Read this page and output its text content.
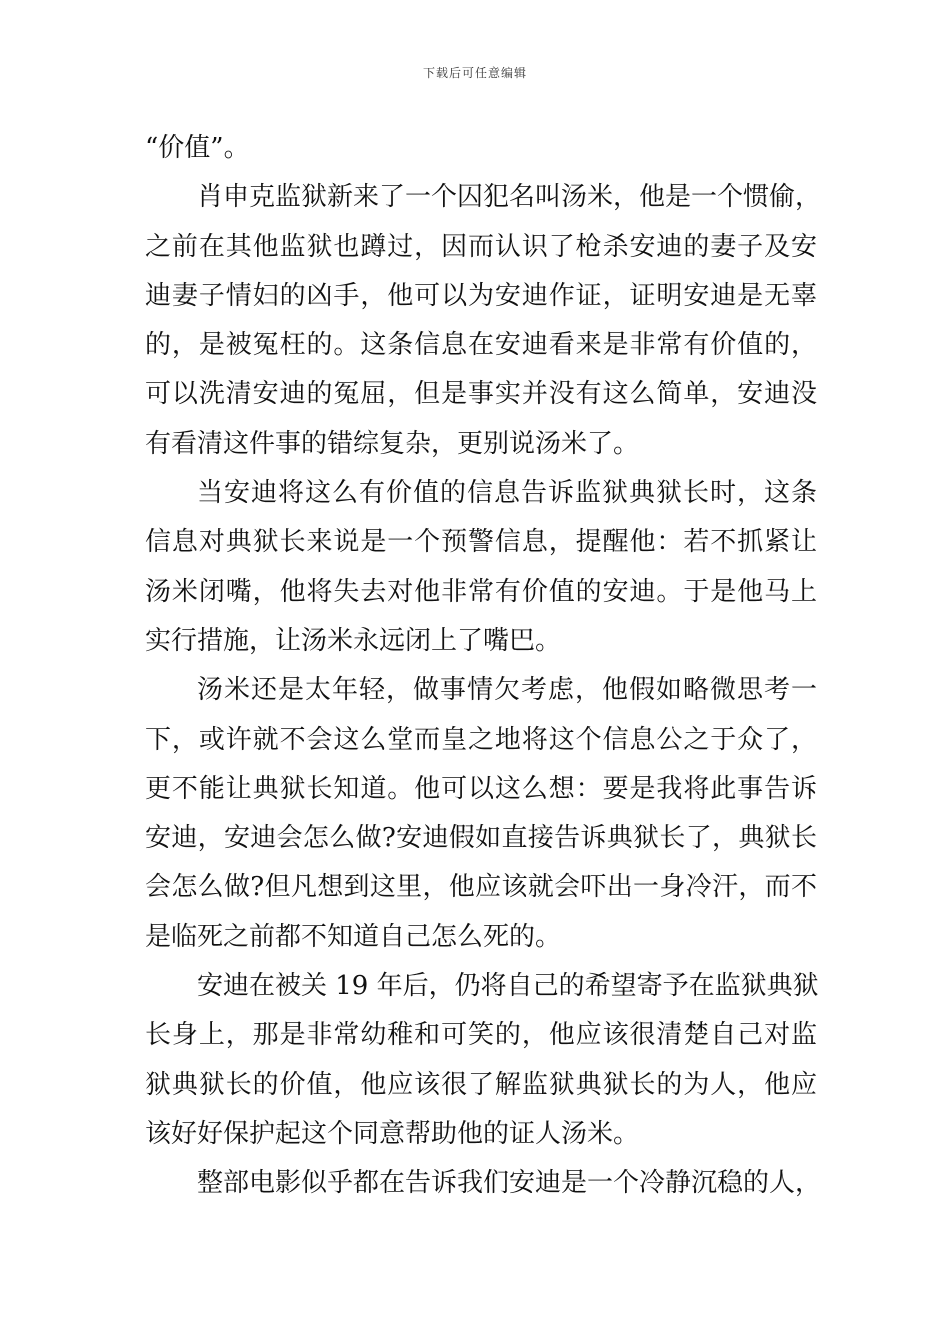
下载后可任意编辑
“价值”。
肖申克监狱新来了一个囚犯名叫汤米，他是一个惯偷，
之前在其他监狱也蹲过，因而认识了枪杀安迪的妻子及安
迪妻子情妇的凶手，他可以为安迪作证，证明安迪是无辜
的，是被冤枉的。这条信息在安迪看来是非常有价值的，
可以洗清安迪的冤屈，但是事实并没有这么简单，安迪没
有看清这件事的错综复杂，更别说汤米了。
当安迪将这么有价值的信息告诉监狱典狱长时，这条
信息对典狱长来说是一个预警信息，提醒他：若不抓紧让
汤米闭嘴，他将失去对他非常有价值的安迪。于是他马上
实行措施，让汤米永远闭上了嘴巴。
汤米还是太年轻，做事情欠考虑，他假如略微思考一
下，或许就不会这么堂而皇之地将这个信息公之于众了，
更不能让典狱长知道。他可以这么想：要是我将此事告诉
安迪，安迪会怎么做?安迪假如直接告诉典狱长了，典狱长
会怎么做?但凡想到这里，他应该就会吓出一身冷汗，而不
是临死之前都不知道自己怎么死的。
安迪在被关 19 年后，仍将自己的希望寄予在监狱典狱
长身上，那是非常幼稚和可笑的，他应该很清楚自己对监
狱典狱长的价值，他应该很了解监狱典狱长的为人，他应
该好好保护起这个同意帮助他的证人汤米。
整部电影似乎都在告诉我们安迪是一个冷静沉稳的人，
